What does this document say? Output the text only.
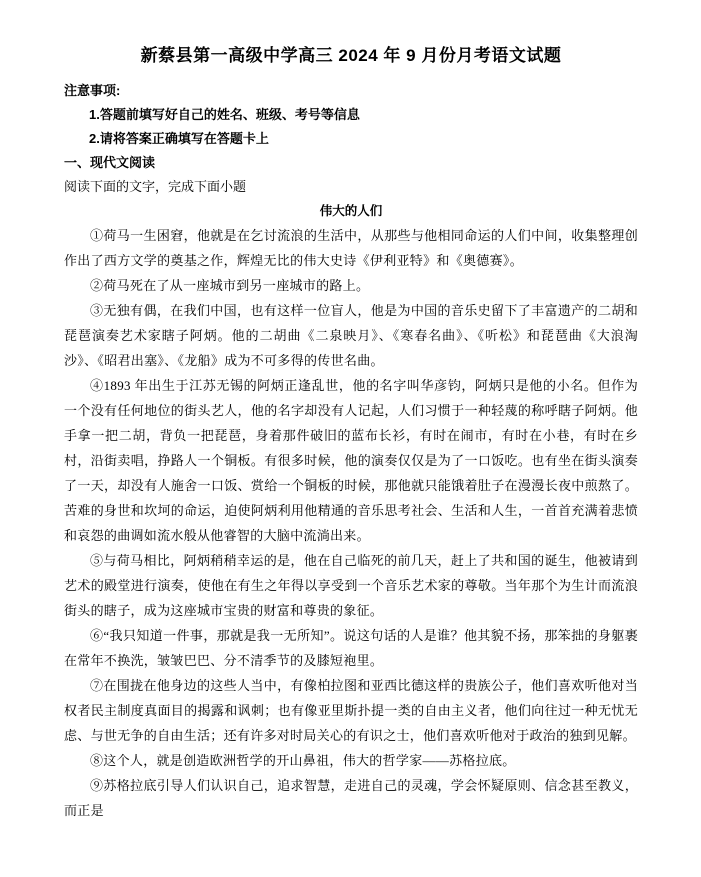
新蔡县第一高级中学高三 2024 年 9 月份月考语文试题
注意事项:
1.答题前填写好自己的姓名、班级、考号等信息
2.请将答案正确填写在答题卡上
一、现代文阅读
阅读下面的文字，完成下面小题
伟大的人们

①荷马一生困窘，他就是在乞讨流浪的生活中，从那些与他相同命运的人们中间，收集整理创作出了西方文学的奠基之作，辉煌无比的伟大史诗《伊利亚特》和《奥德赛》。

②荷马死在了从一座城市到另一座城市的路上。

③无独有偶，在我们中国，也有这样一位盲人，他是为中国的音乐史留下了丰富遗产的二胡和琵琶演奏艺术家瞎子阿炳。他的二胡曲《二泉映月》、《寒春名曲》、《听松》和琵琶曲《大浪淘沙》、《昭君出塞》、《龙船》成为不可多得的传世名曲。

④1893 年出生于江苏无锡的阿炳正逢乱世，他的名字叫华彦钧，阿炳只是他的小名。但作为一个没有任何地位的街头艺人，他的名字却没有人记起，人们习惯于一种轻蔑的称呼瞎子阿炳。他手拿一把二胡，背负一把琵琶，身着那件破旧的蓝布长衫，有时在闹市，有时在小巷，有时在乡村，沿街卖唱，挣路人一个铜板。有很多时候，他的演奏仅仅是为了一口饭吃。也有坐在街头演奏了一天，却没有人施舍一口饭、赏给一个铜板的时候，那他就只能饿着肚子在漫漫长夜中煎熬了。苦难的身世和坎坷的命运，迫使阿炳利用他精通的音乐思考社会、生活和人生，一首首充满着悲愤和哀怨的曲调如流水般从他睿智的大脑中流淌出来。

⑤与荷马相比，阿炳稍稍幸运的是，他在自己临死的前几天，赶上了共和国的诞生，他被请到艺术的殿堂进行演奏，使他在有生之年得以享受到一个音乐艺术家的尊敬。当年那个为生计而流浪街头的瞎子，成为这座城市宝贵的财富和尊贵的象征。

⑥“我只知道一件事，那就是我一无所知”。说这句话的人是谁？他其貌不扬，那笨拙的身躯裹在常年不换洗，皱皱巴巴、分不清季节的及膝短袍里。

⑦在围拢在他身边的这些人当中，有像柏拉图和亚西比德这样的贵族公子，他们喜欢听他对当权者民主制度真面目的揭露和讽刺；也有像亚里斯扑提一类的自由主义者，他们向往过一种无忧无虑、与世无争的自由生活；还有许多对时局关心的有识之士，他们喜欢听他对于政治的独到见解。

⑧这个人，就是创造欧洲哲学的开山鼻祖，伟大的哲学家——苏格拉底。

⑨苏格拉底引导人们认识自己，追求智慧，走进自己的灵魂，学会怀疑原则、信念甚至教义，而正是
